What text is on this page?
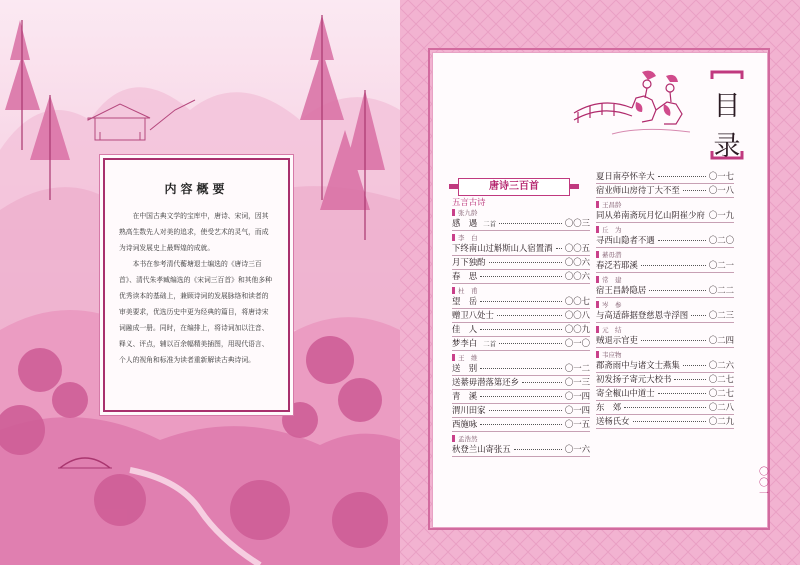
内容概要

在中国古典文学的宝库中，唐诗、宋词，因其熟高生数先人对美的追求，使受艺术的灵气，而成为诗词发展史上最辉煌的成就。

本书在参考清代蘅塘退士编选的《唐诗三百首》、清代朱孝臧编选的《宋词三百首》和其他多种优秀读本的基础上，兼顾诗词的发展脉络和读者的审美要求，优选历史中更为经典的篇目，将唐诗宋词融成一册。同时，在编排上，将诗词加以注音、释义、评点，辅以百余幅精美插图，用现代语言、个人的视角和标准为读者重新解读古典诗词。

目
录
〇
〇
一
唐诗三百首
五言古诗
张九龄
感　遇 二首	〇〇三
李　白
下终南山过斛斯山人宿置酒 〇〇五
月下独酌	〇〇六
春　思	〇〇六
杜　甫
望　岳	〇〇七
赠卫八处士	〇〇八
佳　人	〇〇九
梦李白 二首	〇一〇
王　维
送　别	〇一二
送綦毋潜落第还乡	〇一三
青　溪	〇一四
渭川田家	〇一四
西施咏	〇一五
孟浩然
秋登兰山寄张五	〇一六
夏日南亭怀辛大	〇一七
宿业师山房待丁大不至	〇一八
王昌龄
同从弟南斋玩月忆山阴崔少府 〇一九
丘　为
寻西山隐者不遇	〇二〇
綦毋潜
春泛若耶溪	〇二一
常　建
宿王昌龄隐居	〇二二
岑　参
与高适薛据登慈恩寺浮图 〇二三
元　结
贼退示官吏	〇二四
韦应物
郡斋雨中与诸文士燕集	〇二六
初发扬子寄元大校书	〇二七
寄全椒山中道士	〇二七
东　郊	〇二八
送杨氏女	〇二九
